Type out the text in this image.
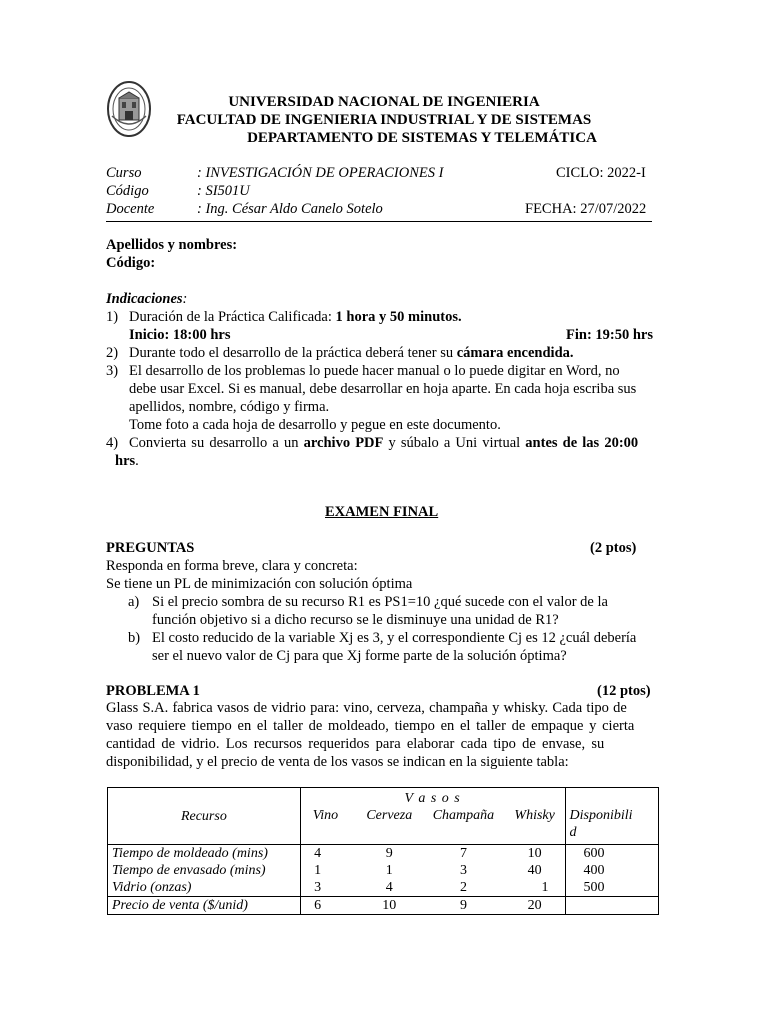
UNIVERSIDAD NACIONAL DE INGENIERIA
FACULTAD DE INGENIERIA INDUSTRIAL Y DE SISTEMAS
DEPARTAMENTO DE SISTEMAS Y TELEMÁTICA
Curso	: INVESTIGACIÓN DE OPERACIONES I	CICLO: 2022-I
Código	: SI501U
Docente	: Ing. César Aldo Canelo Sotelo	FECHA: 27/07/2022
Apellidos y nombres:
Código:
Indicaciones:
1) Duración de la Práctica Calificada: 1 hora y 50 minutos.
Inicio: 18:00 hrs	Fin: 19:50 hrs
2) Durante todo el desarrollo de la práctica deberá tener su cámara encendida.
3) El desarrollo de los problemas lo puede hacer manual o lo puede digitar en Word, no
debe usar Excel. Si es manual, debe desarrollar en hoja aparte. En cada hoja escriba sus
apellidos, nombre, código y firma.
Tome foto a cada hoja de desarrollo y pegue en este documento.
4) Convierta su desarrollo a un archivo PDF y súbalo a Uni virtual antes de las 20:00
hrs.
EXAMEN FINAL
PREGUNTAS	(2 ptos)
Responda en forma breve, clara y concreta:
Se tiene un PL de minimización con solución óptima
a) Si el precio sombra de su recurso R1 es PS1=10 ¿qué sucede con el valor de la
función objetivo si a dicho recurso se le disminuye una unidad de R1?
b) El costo reducido de la variable Xj es 3, y el correspondiente Cj es 12 ¿cuál debería
ser el nuevo valor de Cj para que Xj forme parte de la solución óptima?
PROBLEMA 1	(12 ptos)
Glass S.A. fabrica vasos de vidrio para: vino, cerveza, champaña y whisky. Cada tipo de
vaso requiere tiempo en el taller de moldeado, tiempo en el taller de empaque y cierta
cantidad de vidrio. Los recursos requeridos para elaborar cada tipo de envase, su
disponibilidad, y el precio de venta de los vasos se indican en la siguiente tabla:
Recurso	V a s o s				Disponibili
d
	Vino	Cerveza	Champaña	Whisky	
Tiempo de moldeado (mins)	4	9	7	10	600
Tiempo de envasado (mins)	1	1	3	40	400
Vidrio (onzas)	3	4	2	1	500
Precio de venta ($/unid)	6	10	9	20	
